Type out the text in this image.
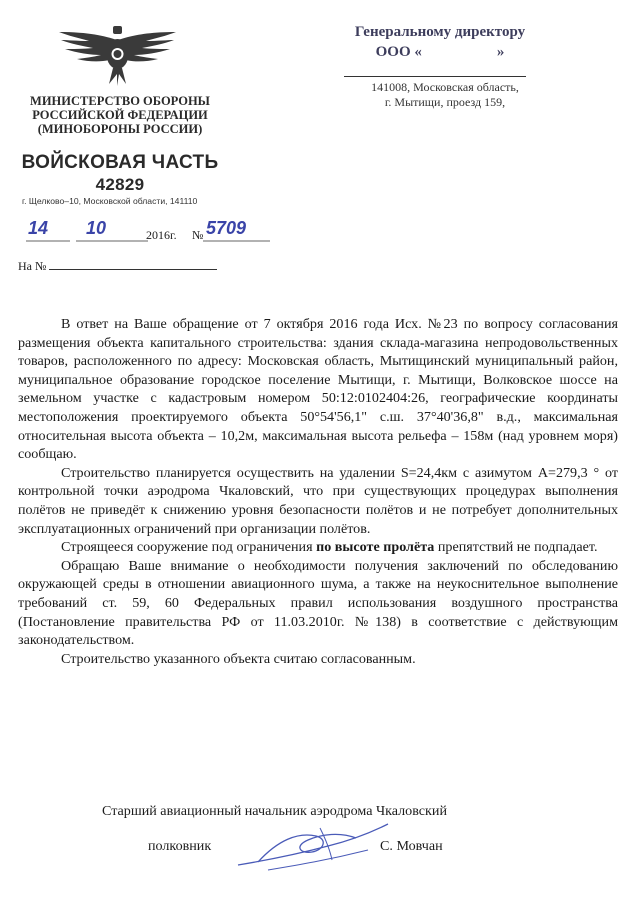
МИНИСТЕРСТВО ОБОРОНЫ
РОССИЙСКОЙ ФЕДЕРАЦИИ
(МИНОБОРОНЫ РОССИИ)
ВОЙСКОВАЯ ЧАСТЬ
42829
г. Щелково–10, Московской области, 141110
14 10	2016г. № 5709
На №
Генеральному директору
ООО «                    »
141008, Московская область,
г. Мытищи, проезд 159,

В ответ на Ваше обращение от 7 октября 2016 года Исх. №23 по вопросу согласования размещения объекта капитального строительства: здания склада-магазина непродовольственных товаров, расположенного по адресу: Московская область, Мытищинский муниципальный район, муниципальное образование городское поселение Мытищи, г. Мытищи, Волковское шоссе на земельном участке с кадастровым номером 50:12:0102404:26, географические координаты местоположения проектируемого объекта 50°54'56,1" с.ш. 37°40'36,8" в.д., максимальная относительная высота объекта – 10,2м, максимальная высота рельефа – 158м (над уровнем моря) сообщаю.

Строительство планируется осуществить на удалении S=24,4км с азимутом А=279,3 ° от контрольной точки аэродрома Чкаловский, что при существующих процедурах выполнения полётов не приведёт к снижению уровня безопасности полётов и не потребует дополнительных эксплуатационных ограничений при организации полётов.

Строящееся сооружение под ограничения по высоте пролёта препятствий не подпадает.

Обращаю Ваше внимание о необходимости получения заключений по обследованию окружающей среды в отношении авиационного шума, а также на неукоснительное выполнение требований ст. 59, 60 Федеральных правил использования воздушного пространства (Постановление правительства РФ от 11.03.2010г. №138) в соответствие с действующим законодательством.

Строительство указанного объекта считаю согласованным.

Старший авиационный начальник аэродрома Чкаловский
полковник	С. Мовчан
